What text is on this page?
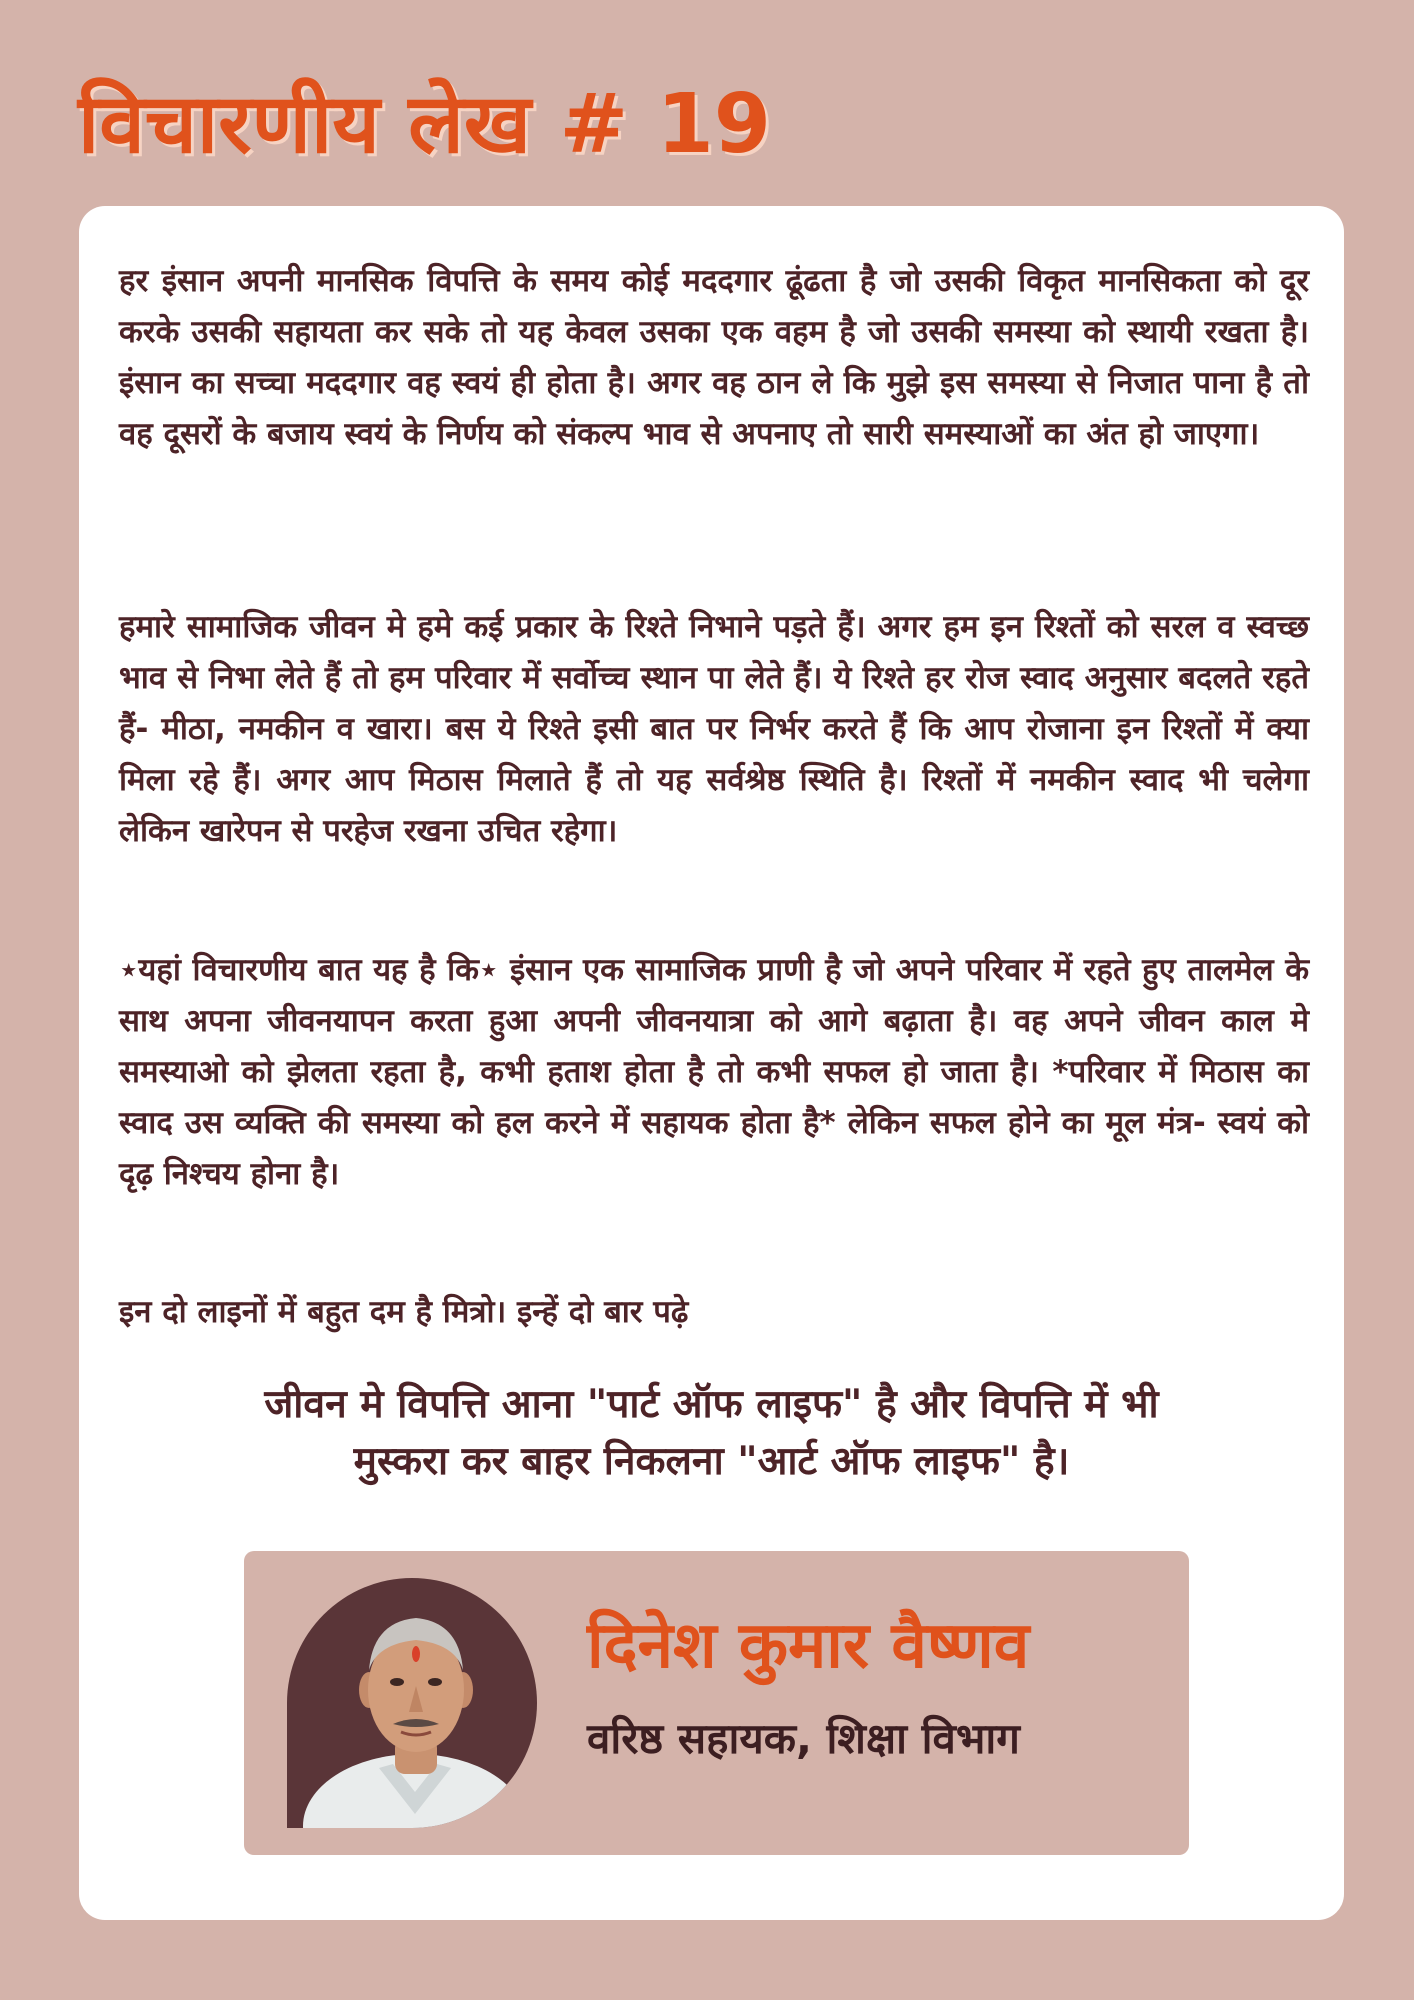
विचारणीय लेख # 19

हर इंसान अपनी मानसिक विपत्ति के समय कोई मददगार ढूंढता है जो उसकी विकृत मानसिकता को दूर करके उसकी सहायता कर सके तो यह केवल उसका एक वहम है जो उसकी समस्या को स्थायी रखता है। इंसान का सच्चा मददगार वह स्वयं ही होता है। अगर वह ठान ले कि मुझे इस समस्या से निजात पाना है तो वह दूसरों के बजाय स्वयं के निर्णय को संकल्प भाव से अपनाए तो सारी समस्याओं का अंत हो जाएगा।

हमारे सामाजिक जीवन मे हमे कई प्रकार के रिश्ते निभाने पड़ते हैं। अगर हम इन रिश्तों को सरल व स्वच्छ भाव से निभा लेते हैं तो हम परिवार में सर्वोच्च स्थान पा लेते हैं। ये रिश्ते हर रोज स्वाद अनुसार बदलते रहते हैं- मीठा, नमकीन व खारा। बस ये रिश्ते इसी बात पर निर्भर करते हैं कि आप रोजाना इन रिश्तों में क्या मिला रहे हैं। अगर आप मिठास मिलाते हैं तो यह सर्वश्रेष्ठ स्थिति है। रिश्तों में नमकीन स्वाद भी चलेगा लेकिन खारेपन से परहेज रखना उचित रहेगा।

⋆यहां विचारणीय बात यह है कि⋆ इंसान एक सामाजिक प्राणी है जो अपने परिवार में रहते हुए तालमेल के साथ अपना जीवनयापन करता हुआ अपनी जीवनयात्रा को आगे बढ़ाता है। वह अपने जीवन काल मे समस्याओ को झेलता रहता है, कभी हताश होता है तो कभी सफल हो जाता है। *परिवार में मिठास का स्वाद उस व्यक्ति की समस्या को हल करने में सहायक होता है* लेकिन सफल होने का मूल मंत्र- स्वयं को दृढ़ निश्चय होना है।

इन दो लाइनों में बहुत दम है मित्रो। इन्हें दो बार पढ़े

जीवन मे विपत्ति आना "पार्ट ऑफ लाइफ" है और विपत्ति में भी
मुस्करा कर बाहर निकलना "आर्ट ऑफ लाइफ" है।
दिनेश कुमार वैष्णव
वरिष्ठ सहायक, शिक्षा विभाग
